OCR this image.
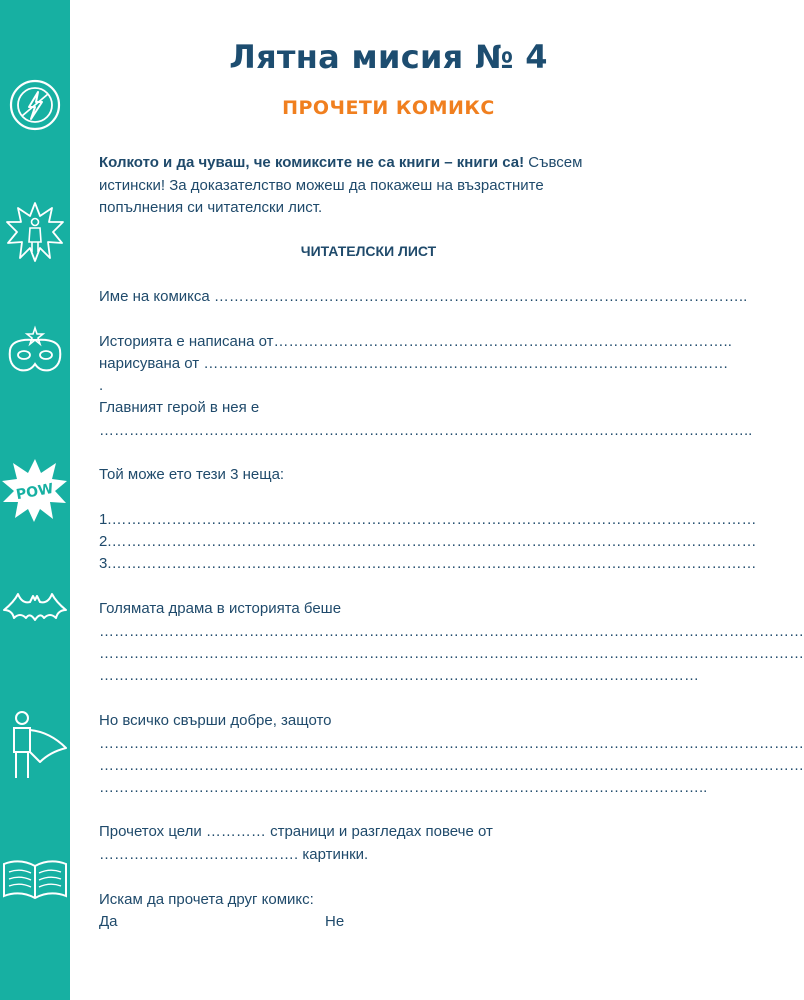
POW
Лятна мисия № 4
ПРОЧЕТИ КОМИКС

Колкото и да чуваш, че комиксите не са книги – книги са! Съвсем
истински! За доказателство можеш да покажеш на възрастните
попълнения си читателски лист.

ЧИТАТЕЛСКИ ЛИСТ

Име на комикса ……………………………………………………………………………………………..

Историята е написана от………………………………………………………………………………..

нарисувана от ……………………………………………………………………………………………

.

Главният герой в нея е

…………………………………………………………………………………………………………………..

Той може ето тези 3 неща:

1.…………………………………………………………………………………………………………………

2.…………………………………………………………………………………………………………………

3.…………………………………………………………………………………………………………………

Голямата драма в историята беше

……………………………………………………………………………………………………………………………

……………………………………………………………………………………………………………………………

…………………………………………………………………………………………………………

Но всичко свърши добре, защото

……………………………………………………………………………………………………………………………

……………………………………………………………………………………………………………………………

…………………………………………………………………………………………………………..

Прочетох цели ………… страници и разгледах повече от

…………………………………. картинки.

Искам да прочета друг комикс:

Да	Не
